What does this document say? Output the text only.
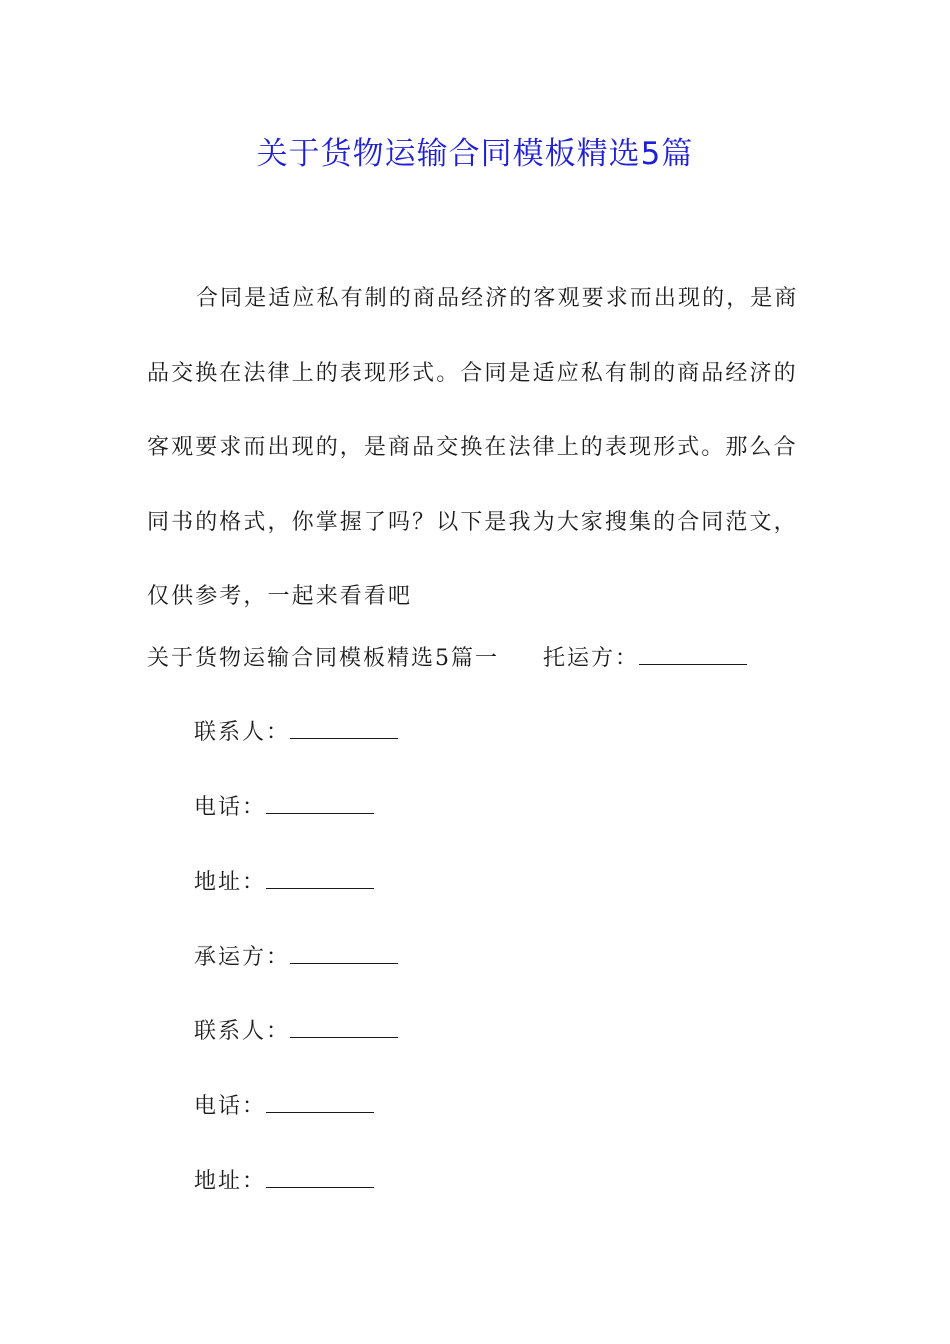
关于货物运输合同模板精选5篇

合同是适应私有制的商品经济的客观要求而出现的，是商品交换在法律上的表现形式。合同是适应私有制的商品经济的客观要求而出现的，是商品交换在法律上的表现形式。那么合同书的格式，你掌握了吗？以下是我为大家搜集的合同范文，仅供参考，一起来看看吧

关于货物运输合同模板精选5篇一 托运方：

联系人：

电话：

地址：

承运方：

联系人：

电话：

地址：
